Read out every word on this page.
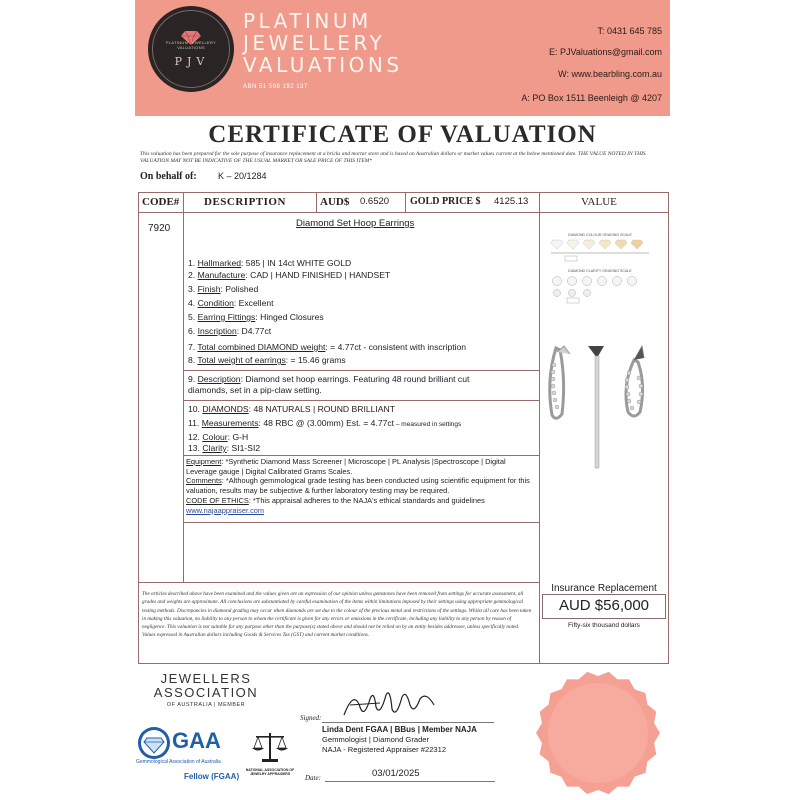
PLATINUM JEWELLERY VALUATIONS
PJV
PLATINUM
JEWELLERY
VALUATIONS
ABN 51 598 192 137
T: 0431 645 785
E: PJValuations@gmail.com
W: www.bearbling.com.au
A: PO Box 1511 Beenleigh @ 4207
CERTIFICATE OF VALUATION
This valuation has been prepared for the sole purpose of insurance replacement at a bricks and mortar store and is based on Australian dollars or market values current at the below mentioned date. THE VALUE NOTED IN THIS VALUATION MAY NOT BE INDICATIVE OF THE USUAL MARKET OR SALE PRICE OF THIS ITEM*
On behalf of: K – 20/1284
CODE# DESCRIPTION	AUD$ 0.6520 GOLD PRICE $ 4125.13	VALUE
7920	Diamond Set Hoop Earrings
1. Hallmarked: 585 | IN 14ct WHITE GOLD
2. Manufacture: CAD | HAND FINISHED | HANDSET
3. Finish: Polished
4. Condition: Excellent
5. Earring Fittings: Hinged Closures
6. Inscription: D4.77ct
7. Total combined DIAMOND weight: = 4.77ct - consistent with inscription
8. Total weight of earrings: = 15.46 grams
9. Description: Diamond set hoop earrings. Featuring 48 round brilliant cut
diamonds, set in a pip-claw setting.
10. DIAMONDS: 48 NATURALS | ROUND BRILLIANT
11. Measurements: 48 RBC @ (3.00mm) Est. = 4.77ct – measured in settings
12. Colour: G-H
13. Clarity: SI1-SI2
Equipment: *Synthetic Diamond Mass Screener | Microscope | PL Analysis |Spectroscope | Digital Leverage gauge | Digital Calibrated Grams Scales.
Comments: *Although gemmological grade testing has been conducted using scientific equipment for this valuation, results may be subjective & further laboratory testing may be required.
CODE OF ETHICS: *This appraisal adheres to the NAJA's ethical standards and guidelines
www.najaappraiser.com
DIAMOND COLOUR GRADING SCALE
DIAMOND CLARITY GRADING SCALE
The articles described above have been examined and the values given are an expression of our opinion unless gemstones have been removed from settings for accurate assessment, all grades and weights are approximate. All conclusions are substantiated by careful examination of the items within limitations imposed by their settings using appropriate gemmological testing methods. Discrepancies in diamond grading may occur when diamonds are set due to the colour of the precious metal and restrictions of the settings. Whilst all care has been taken in making this valuation, no liability to any person to whom the certificate is given for any errors or omissions in the certificate, including any liability to any person by reason of negligence. This valuation is not suitable for any purpose other than the purpose(s) stated above and should not be relied on by an entity besides addressee, unless specifically noted. Values expressed in Australian dollars including Goods & Services Tax (GST) and current market conditions.
Insurance Replacement
AUD $56,000
Fifty-six thousand dollars
JEWELLERS
ASSOCIATION
OF AUSTRALIA | MEMBER
GAA
Gemmological Association of Australia
Fellow (FGAA)
NATIONAL ASSOCIATION OF JEWELRY APPRAISERS
Signed:
Linda Dent FGAA | BBus | Member NAJA
Gemmologist | Diamond Grader
NAJA - Registered Appraiser #22312
Date:	03/01/2025
